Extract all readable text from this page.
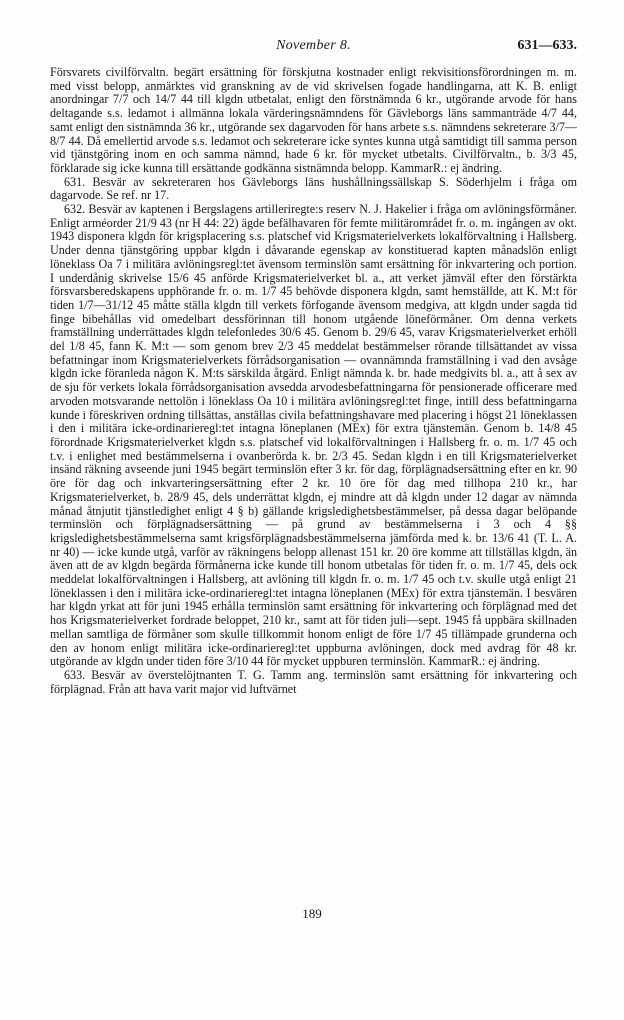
November 8.	631—633.

Försvarets civilförvaltn. begärt ersättning för förskjutna kostnader enligt rekvisitionsförordningen m. m. med visst belopp, anmärktes vid granskning av de vid skrivelsen fogade handlingarna, att K. B. enligt anordningar 7/7 och 14/7 44 till klgdn utbetalat, enligt den förstnämnda 6 kr., utgörande arvode för hans deltagande s.s. ledamot i allmänna lokala värderingsnämndens för Gävleborgs läns sammanträde 4/7 44, samt enligt den sistnämnda 36 kr., utgörande sex dagarvoden för hans arbete s.s. nämndens sekreterare 3/7—8/7 44. Då emellertid arvode s.s. ledamot och sekreterare icke syntes kunna utgå samtidigt till samma person vid tjänstgöring inom en och samma nämnd, hade 6 kr. för mycket utbetalts. Civilförvaltn., b. 3/3 45, förklarade sig icke kunna till ersättande godkänna sistnämnda belopp. KammarR.: ej ändring.

631. Besvär av sekreteraren hos Gävleborgs läns hushållningssällskap S. Söderhjelm i fråga om dagarvode. Se ref. nr 17.

632. Besvär av kaptenen i Bergslagens artilleriregte:s reserv N. J. Hakelier i fråga om avlöningsförmåner. Enligt arméorder 21/9 43 (nr H 44: 22) ägde befälhavaren för femte militärområdet fr. o. m. ingången av okt. 1943 disponera klgdn för krigsplacering s.s. platschef vid Krigsmaterielverkets lokalförvaltning i Hallsberg. Under denna tjänstgöring uppbar klgdn i dåvarande egenskap av konstituerad kapten månadslön enligt löneklass Oa 7 i militära avlöningsregl:tet ävensom terminslön samt ersättning för inkvartering och portion. I underdånig skrivelse 15/6 45 anförde Krigsmaterielverket bl. a., att verket jämväl efter den förstärkta försvarsberedskapens upphörande fr. o. m. 1/7 45 behövde disponera klgdn, samt hemställde, att K. M:t för tiden 1/7—31/12 45 måtte ställa klgdn till verkets förfogande ävensom medgiva, att klgdn under sagda tid finge bibehållas vid omedelbart dessförinnan till honom utgående löneförmåner. Om denna verkets framställning underrättades klgdn telefonledes 30/6 45. Genom b. 29/6 45, varav Krigsmaterielverket erhöll del 1/8 45, fann K. M:t — som genom brev 2/3 45 meddelat bestämmelser rörande tillsättandet av vissa befattningar inom Krigsmaterielverkets förrådsorganisation — ovannämnda framställning i vad den avsåge klgdn icke föranleda någon K. M:ts särskilda åtgärd. Enligt nämnda k. br. hade medgivits bl. a., att å sex av de sju för verkets lokala förrådsorganisation avsedda arvodesbefattningarna för pensionerade officerare med arvoden motsvarande nettolön i löneklass Oa 10 i militära avlöningsregl:tet finge, intill dess befattningarna kunde i föreskriven ordning tillsättas, anställas civila befattningshavare med placering i högst 21 löneklassen i den i militära icke-ordinarieregl:tet intagna löneplanen (MEx) för extra tjänstemän. Genom b. 14/8 45 förordnade Krigsmaterielverket klgdn s.s. platschef vid lokalförvaltningen i Hallsberg fr. o. m. 1/7 45 och t.v. i enlighet med bestämmelserna i ovanberörda k. br. 2/3 45. Sedan klgdn i en till Krigsmaterielverket insänd räkning avseende juni 1945 begärt terminslön efter 3 kr. för dag, förplägnadsersättning efter en kr. 90 öre för dag och inkvarteringsersättning efter 2 kr. 10 öre för dag med tillhopa 210 kr., har Krigsmaterielverket, b. 28/9 45, dels underrättat klgdn, ej mindre att då klgdn under 12 dagar av nämnda månad åtnjutit tjänstledighet enligt 4 § b) gällande krigsledighetsbestämmelser, på dessa dagar belöpande terminslön och förplägnadsersättning — på grund av bestämmelserna i 3 och 4 §§ krigsledighetsbestämmelserna samt krigsförplägnadsbestämmelserna jämförda med k. br. 13/6 41 (T. L. A. nr 40) — icke kunde utgå, varför av räkningens belopp allenast 151 kr. 20 öre komme att tillställas klgdn, än även att de av klgdn begärda förmånerna icke kunde till honom utbetalas för tiden fr. o. m. 1/7 45, dels ock meddelat lokalförvaltningen i Hallsberg, att avlöning till klgdn fr. o. m. 1/7 45 och t.v. skulle utgå enligt 21 löneklassen i den i militära icke-ordinarieregl:tet intagna löneplanen (MEx) för extra tjänstemän. I besvären har klgdn yrkat att för juni 1945 erhålla terminslön samt ersättning för inkvartering och förplägnad med det hos Krigsmaterielverket fordrade beloppet, 210 kr., samt att för tiden juli—sept. 1945 få uppbära skillnaden mellan samtliga de förmåner som skulle tillkommit honom enligt de före 1/7 45 tillämpade grunderna och den av honom enligt militära icke-ordinarieregl:tet uppburna avlöningen, dock med avdrag för 48 kr. utgörande av klgdn under tiden före 3/10 44 för mycket uppburen terminslön. KammarR.: ej ändring.

633. Besvär av överstelöjtnanten T. G. Tamm ang. terminslön samt ersättning för inkvartering och förplägnad. Från att hava varit major vid luftvärnet

189
